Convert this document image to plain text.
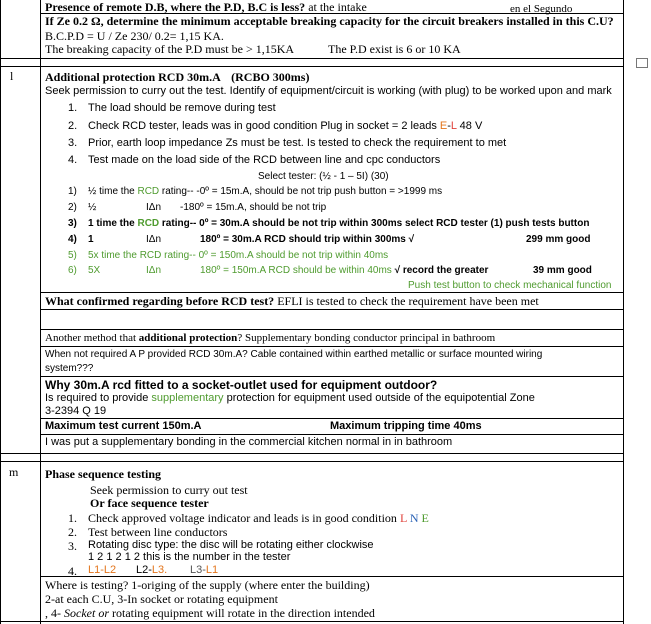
Presence of remote D.B, where the P.D, B.C is less? at the intake	en el Segundo
If Ze 0.2 Ω, determine the minimum acceptable breaking capacity for the circuit breakers installed in this C.U?
B.C.P.D = U / Ze 230/ 0.2= 1,15 KA.
The breaking capacity of the P.D must be > 1,15KA	The P.D exist is 6 or 10 KA
l	Additional protection RCD 30m.A (RCBO 300ms)
Seek permission to curry out the test. Identify of equipment/circuit is working (with plug) to be worked upon and mark
1. The load should be remove during test
2. Check RCD tester, leads was in good condition Plug in socket = 2 leads E-L 48 V
3. Prior, earth loop impedance Zs must be test. Is tested to check the requirement to met
4. Test made on the load side of the RCD between line and cpc conductors
Select tester: (½ - 1 – 5I) (30)
1) ½ time the RCD rating-- -0º = 15m.A, should be not trip push button = >1999 ms
2) ½	IΔn -180º = 15m.A, should be not trip
3) 1 time the RCD rating-- 0º = 30m.A should be not trip within 300ms select RCD tester (1) push tests button
4) 1	IΔn	180º = 30m.A RCD should trip within 300ms √	299 mm good
5) 5x time the RCD rating-- 0º = 150m.A should be not trip within 40ms
6) 5X	IΔn	180º = 150m.A RCD should be within 40ms √ record the greater	39 mm good
Push test button to check mechanical function
What confirmed regarding before RCD test? EFLI is tested to check the requirement have been met
Another method that additional protection? Supplementary bonding conductor principal in bathroom
When not required A P provided RCD 30m.A? Cable contained within earthed metallic or surface mounted wiring
system???
Why 30m.A rcd fitted to a socket-outlet used for equipment outdoor?
Is required to provide supplementary protection for equipment used outside of the equipotential Zone
3-2394 Q 19
Maximum test current 150m.A	Maximum tripping time 40ms
I was put a supplementary bonding in the commercial kitchen normal in in bathroom
m Phase sequence testing
Seek permission to curry out test
Or face sequence tester
1. Check approved voltage indicator and leads is in good condition L N E
2. Test between line conductors
3. Rotating disc type: the disc will be rotating either clockwise
1 2 1 2 1 2 this is the number in the tester
4. L1-L2 L2-L3. L3-L1
Where is testing? 1-origing of the supply (where enter the building)
2-at each C.U, 3-In socket or rotating equipment
, 4- Socket or rotating equipment will rotate in the direction intended
